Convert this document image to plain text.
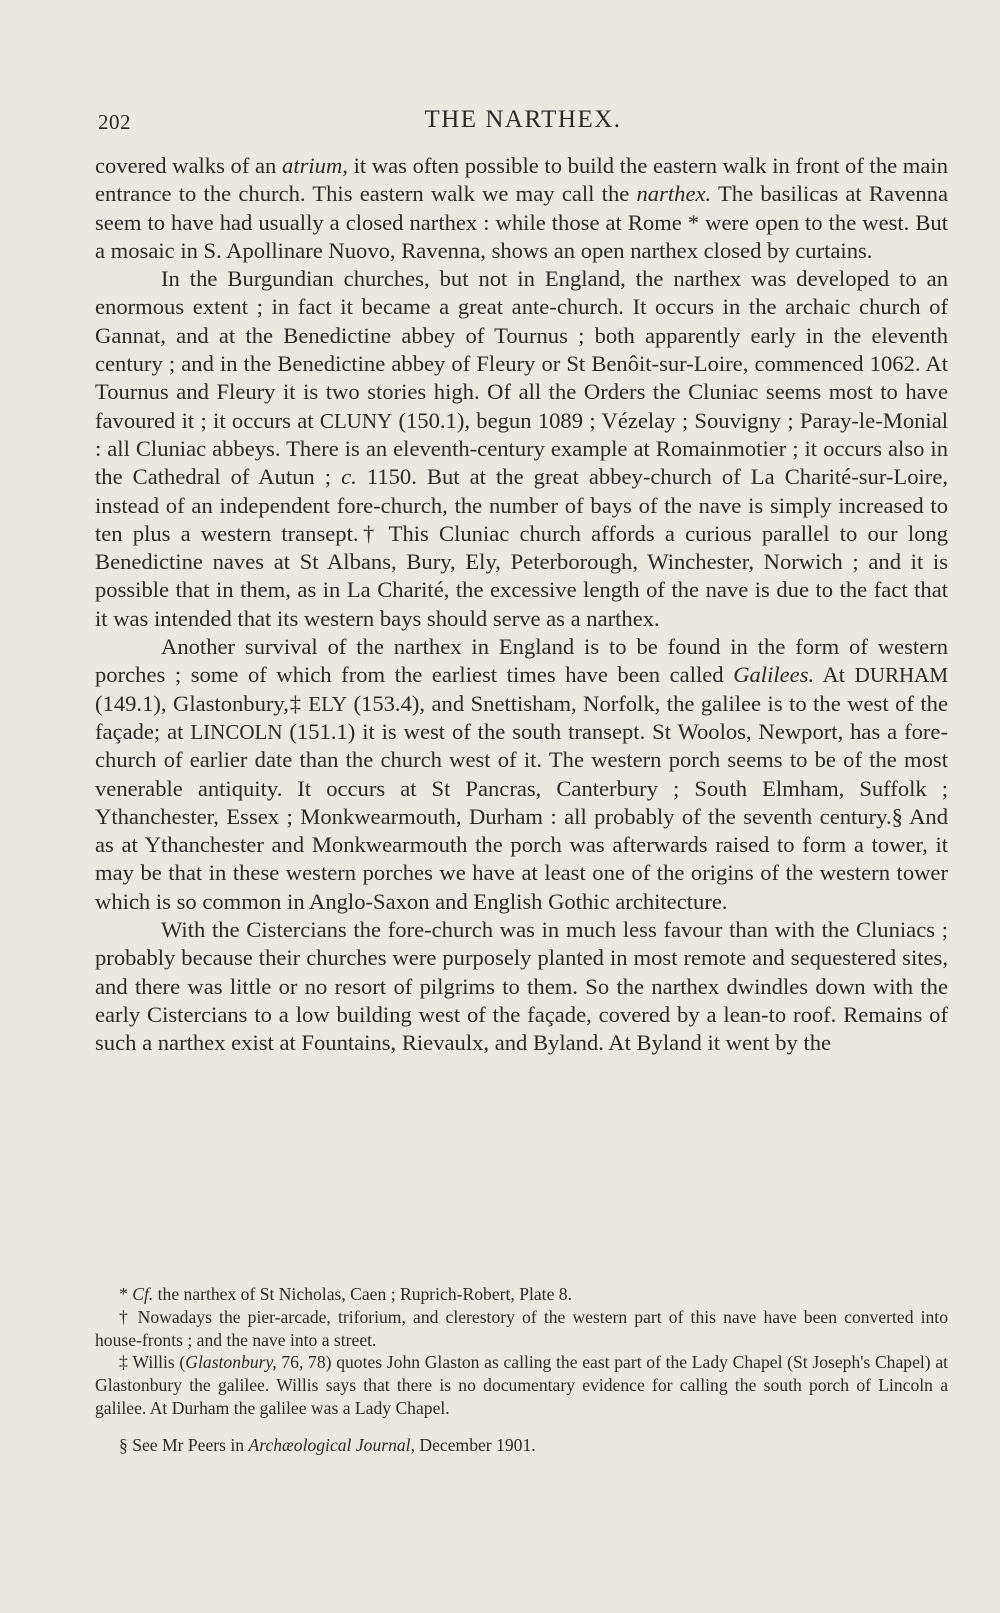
202	THE NARTHEX.

covered walks of an atrium, it was often possible to build the eastern walk in front of the main entrance to the church. This eastern walk we may call the narthex. The basilicas at Ravenna seem to have had usually a closed narthex : while those at Rome * were open to the west. But a mosaic in S. Apollinare Nuovo, Ravenna, shows an open narthex closed by curtains.

In the Burgundian churches, but not in England, the narthex was developed to an enormous extent ; in fact it became a great ante-church. It occurs in the archaic church of Gannat, and at the Benedictine abbey of Tournus ; both apparently early in the eleventh century ; and in the Benedictine abbey of Fleury or St Benôit-sur-Loire, commenced 1062. At Tournus and Fleury it is two stories high. Of all the Orders the Cluniac seems most to have favoured it ; it occurs at CLUNY (150.1), begun 1089 ; Vézelay ; Souvigny ; Paray-le-Monial : all Cluniac abbeys. There is an eleventh-century example at Romainmotier ; it occurs also in the Cathedral of Autun ; c. 1150. But at the great abbey-church of La Charité-sur-Loire, instead of an independent fore-church, the number of bays of the nave is simply increased to ten plus a western transept.† This Cluniac church affords a curious parallel to our long Benedictine naves at St Albans, Bury, Ely, Peterborough, Winchester, Norwich ; and it is possible that in them, as in La Charité, the excessive length of the nave is due to the fact that it was intended that its western bays should serve as a narthex.

Another survival of the narthex in England is to be found in the form of western porches ; some of which from the earliest times have been called Galilees. At DURHAM (149.1), Glastonbury,‡ ELY (153.4), and Snettisham, Norfolk, the galilee is to the west of the façade; at LINCOLN (151.1) it is west of the south transept. St Woolos, Newport, has a fore-church of earlier date than the church west of it. The western porch seems to be of the most venerable antiquity. It occurs at St Pancras, Canterbury ; South Elmham, Suffolk ; Ythanchester, Essex ; Monkwearmouth, Durham : all probably of the seventh century.§ And as at Ythanchester and Monkwearmouth the porch was afterwards raised to form a tower, it may be that in these western porches we have at least one of the origins of the western tower which is so common in Anglo-Saxon and English Gothic architecture.

With the Cistercians the fore-church was in much less favour than with the Cluniacs ; probably because their churches were purposely planted in most remote and sequestered sites, and there was little or no resort of pilgrims to them. So the narthex dwindles down with the early Cistercians to a low building west of the façade, covered by a lean-to roof. Remains of such a narthex exist at Fountains, Rievaulx, and Byland. At Byland it went by the

* Cf. the narthex of St Nicholas, Caen ; Ruprich-Robert, Plate 8.

† Nowadays the pier-arcade, triforium, and clerestory of the western part of this nave have been converted into house-fronts ; and the nave into a street.

‡ Willis (Glastonbury, 76, 78) quotes John Glaston as calling the east part of the Lady Chapel (St Joseph's Chapel) at Glastonbury the galilee. Willis says that there is no documentary evidence for calling the south porch of Lincoln a galilee. At Durham the galilee was a Lady Chapel.

§ See Mr Peers in Archæological Journal, December 1901.
